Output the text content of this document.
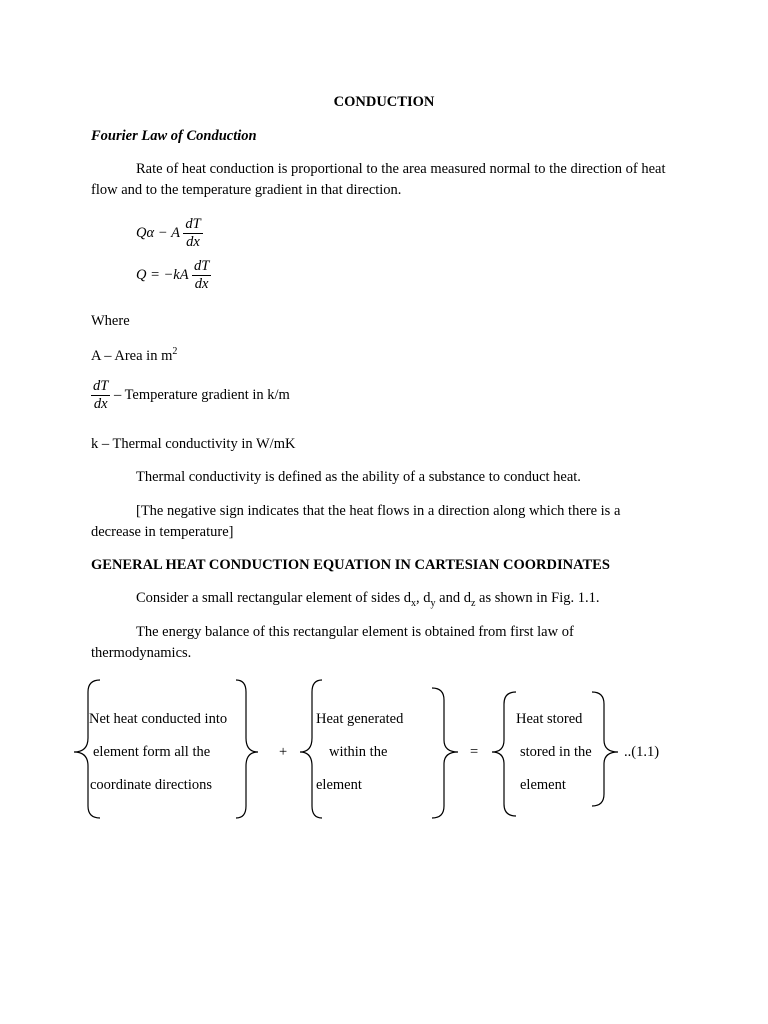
CONDUCTION
Fourier Law of Conduction
Rate of heat conduction is proportional to the area measured normal to the direction of heat flow and to the temperature gradient in that direction.
Qα − A $\frac{dT}{dx}$
$Q = -kA \frac{dT}{dx}$
Where
A – Area in $m^2$
$\frac{dT}{dx}$ – Temperature gradient in k/m
k – Thermal conductivity in W/mK
Thermal conductivity is defined as the ability of a substance to conduct heat.
[The negative sign indicates that the heat flows in a direction along which there is a decrease in temperature]
GENERAL HEAT CONDUCTION EQUATION IN CARTESIAN COORDINATES
Consider a small rectangular element of sides $d_x$, $d_y$ and $d_z$ as shown in Fig. 1.1.
The energy balance of this rectangular element is obtained from first law of thermodynamics.
Net heat conducted into
element form all the
coordinate directions
+
Heat generated
within the
element
=
Heat stored
stored in the
element
..(1.1)
